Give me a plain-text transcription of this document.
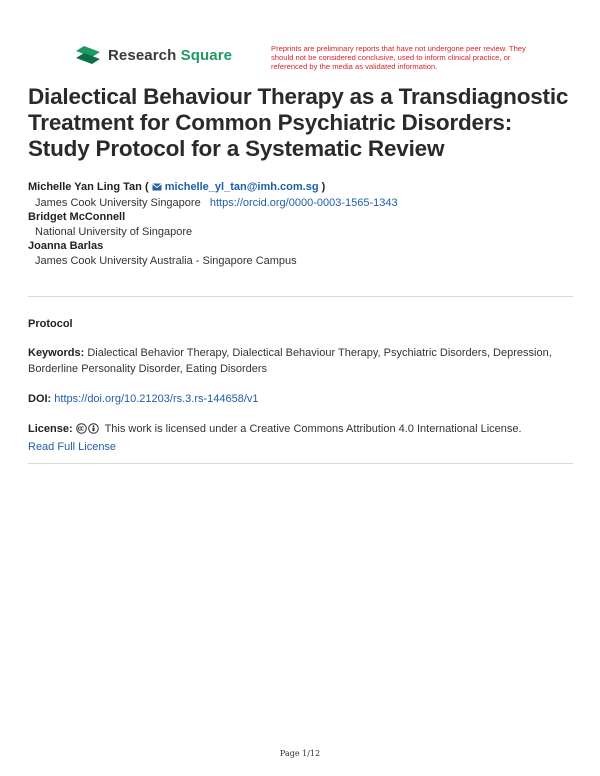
Research Square	Preprints are preliminary reports that have not undergone peer review. They should not be considered conclusive, used to inform clinical practice, or referenced by the media as validated information.
Dialectical Behaviour Therapy as a Transdiagnostic Treatment for Common Psychiatric Disorders: Study Protocol for a Systematic Review
Michelle Yan Ling Tan ( michelle_yl_tan@imh.com.sg )
James Cook University Singapore https://orcid.org/0000-0003-1565-1343
Bridget McConnell
National University of Singapore
Joanna Barlas
James Cook University Australia - Singapore Campus
Protocol
Keywords: Dialectical Behavior Therapy, Dialectical Behaviour Therapy, Psychiatric Disorders, Depression, Borderline Personality Disorder, Eating Disorders
DOI: https://doi.org/10.21203/rs.3.rs-144658/v1
License:	This work is licensed under a Creative Commons Attribution 4.0 International License.
Read Full License
Page 1/12
